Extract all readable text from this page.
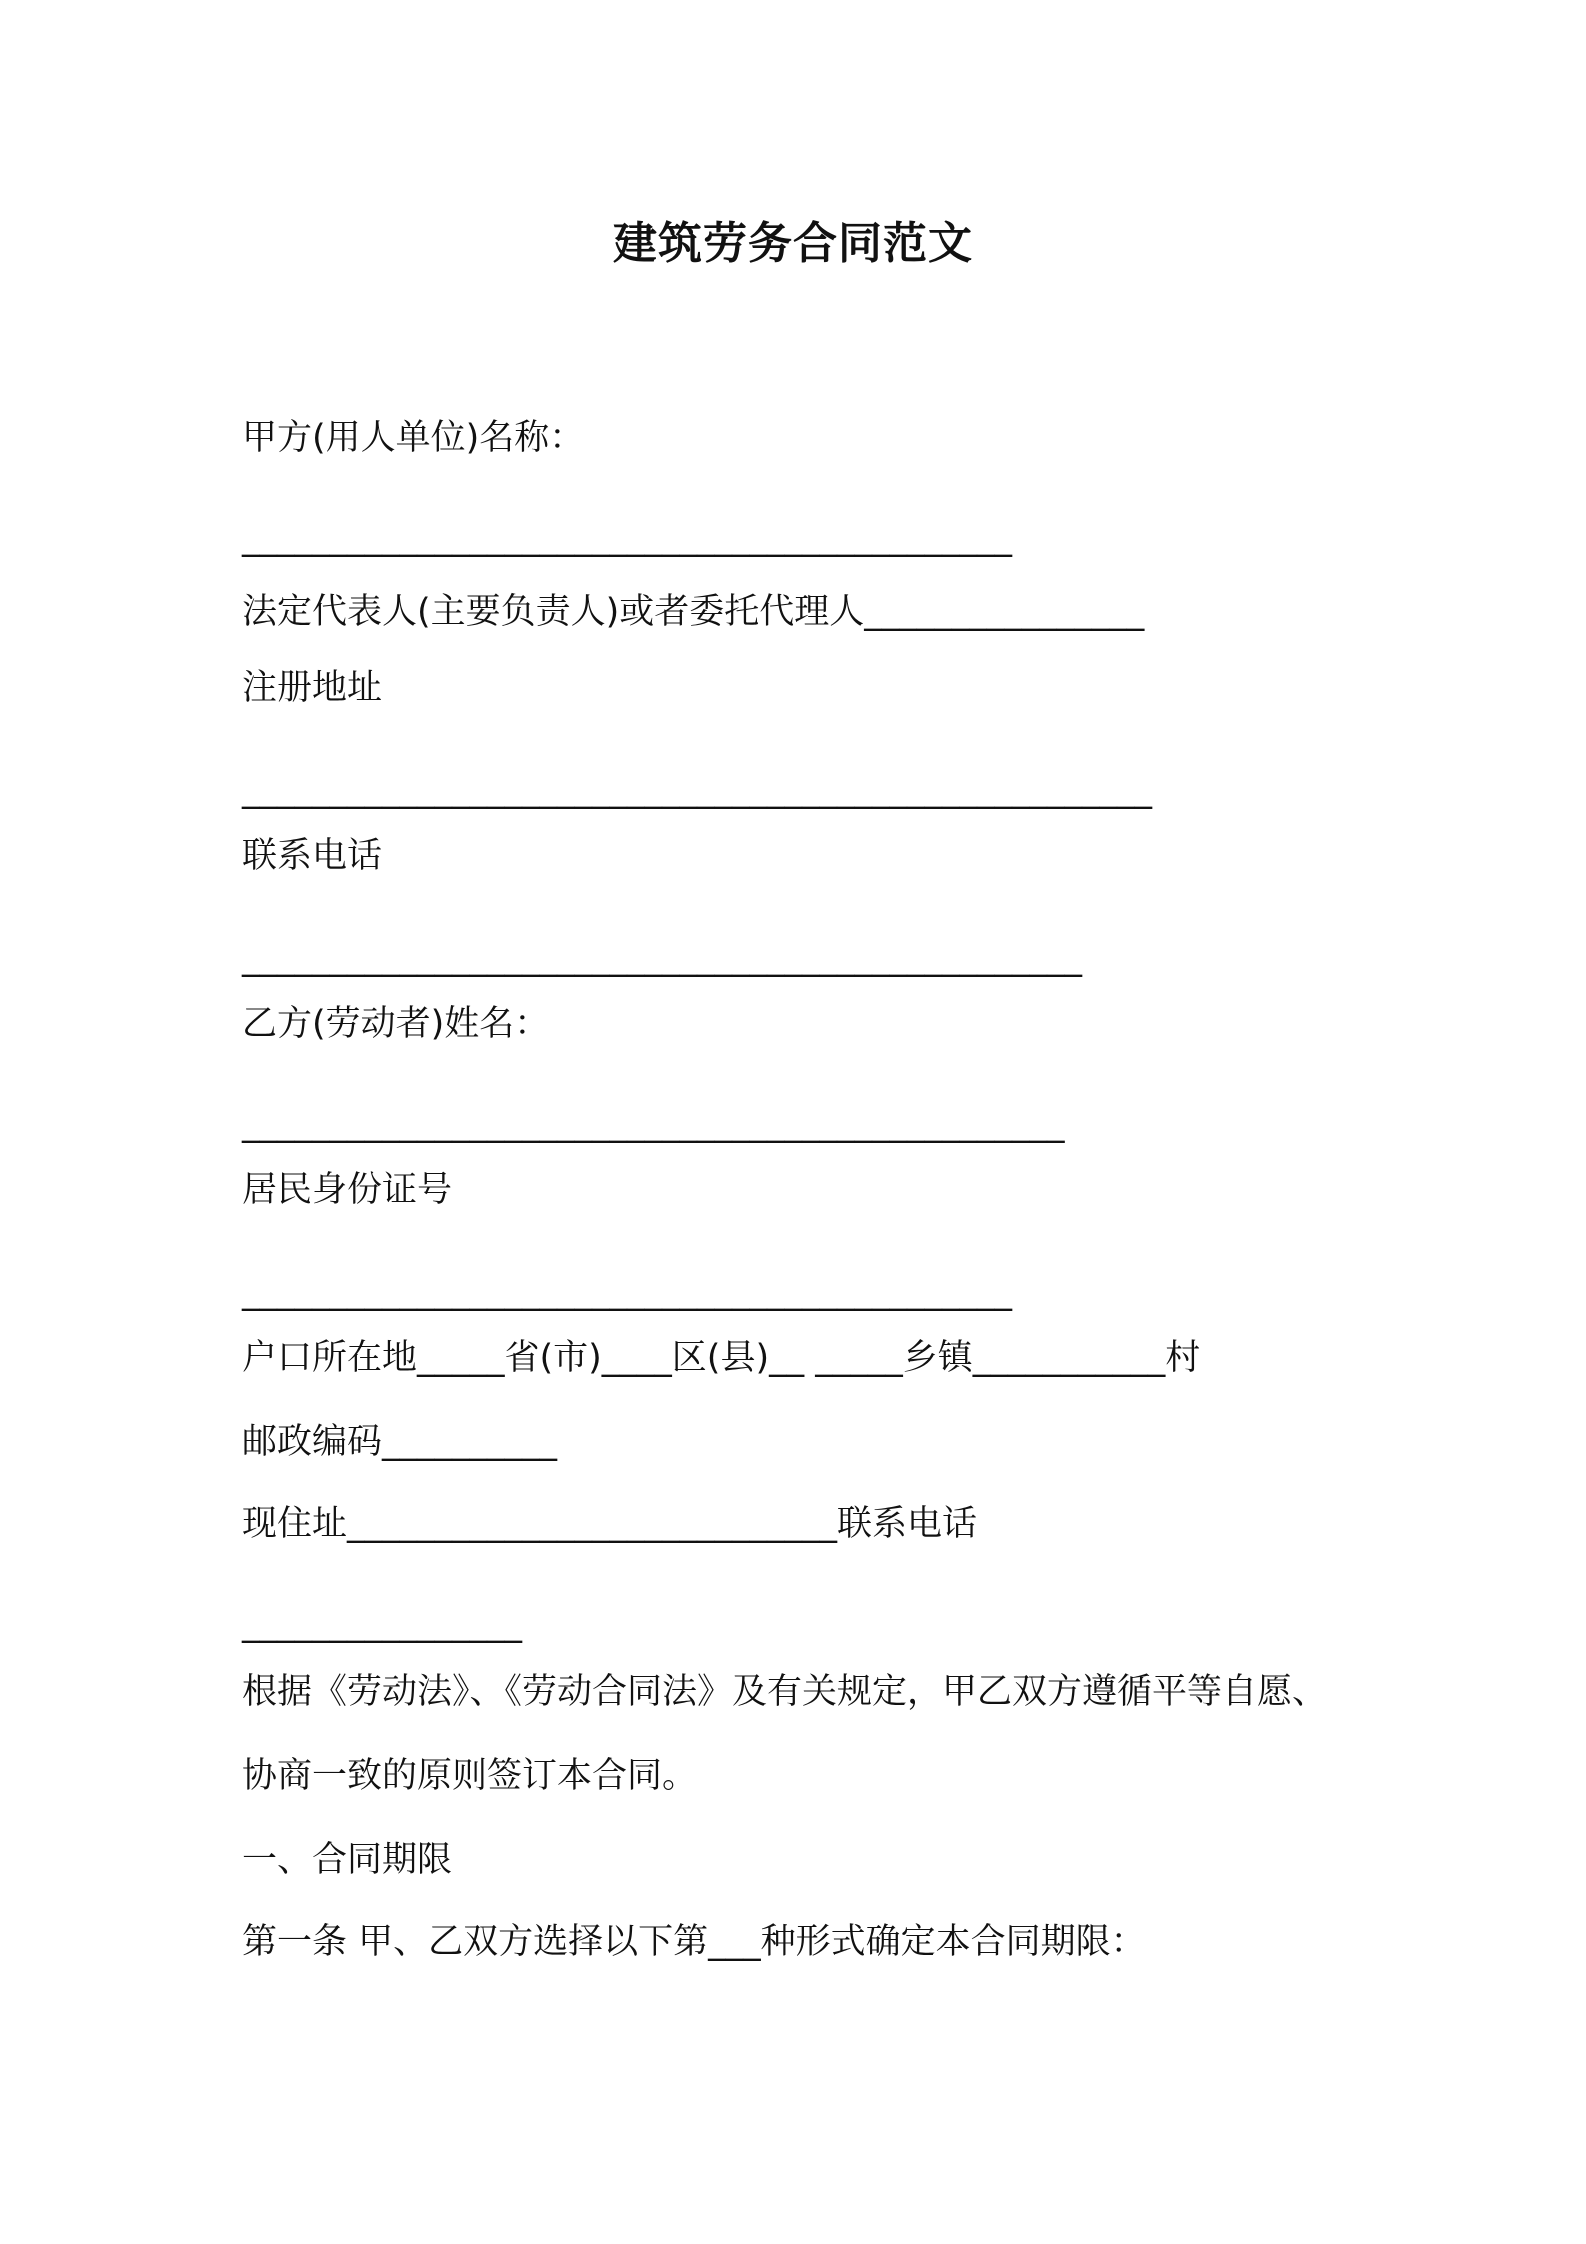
建筑劳务合同范文
甲方(用人单位)名称：
____________________________________________
法定代表人(主要负责人)或者委托代理人________________
注册地址
____________________________________________________
联系电话
________________________________________________
乙方(劳动者)姓名：
_______________________________________________
居民身份证号
____________________________________________
户口所在地_____省(市)____区(县)__ _____乡镇___________村
邮政编码__________
现住址____________________________联系电话
________________
根据《劳动法》、《劳动合同法》及有关规定，甲乙双方遵循平等自愿、
协商一致的原则签订本合同。
一、合同期限
第一条 甲、乙双方选择以下第___种形式确定本合同期限：
